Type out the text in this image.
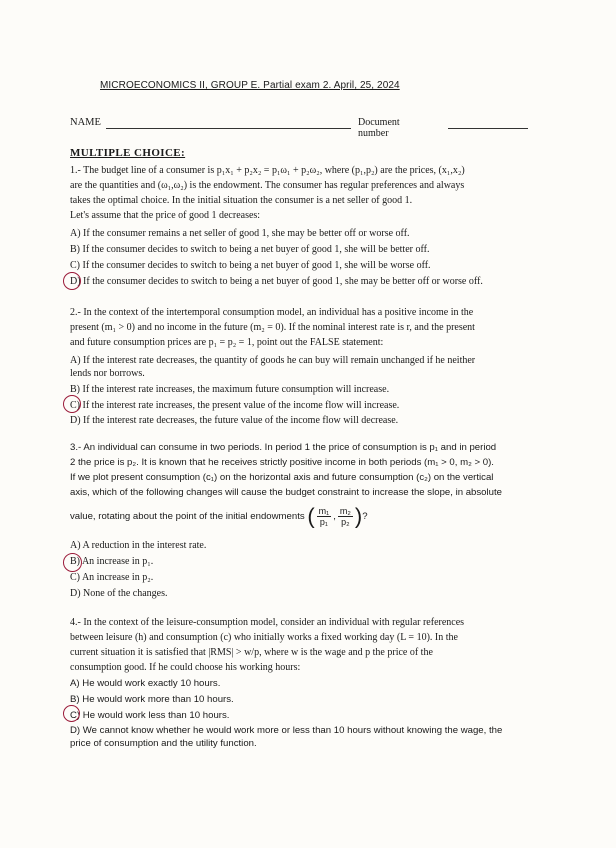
MICROECONOMICS II, GROUP E. Partial exam 2. April, 25, 2024
NAME	Document number
MULTIPLE CHOICE:

1.- The budget line of a consumer is p₁x₁ + p₂x₂ = p₁ω₁ + p₂ω₂, where (p₁,p₂) are the prices, (x₁,x₂)

are the quantities and (ω₁,ω₂) is the endowment. The consumer has regular preferences and always

takes the optimal choice. In the initial situation the consumer is a net seller of good 1.

Let's assume that the price of good 1 decreases:

A) If the consumer remains a net seller of good 1, she may be better off or worse off.
B) If the consumer decides to switch to being a net buyer of good 1, she will be better off.
C) If the consumer decides to switch to being a net buyer of good 1, she will be worse off.
D) If the consumer decides to switch to being a net buyer of good 1, she may be better off or worse off.

2.- In the context of the intertemporal consumption model, an individual has a positive income in the

present (m₁ > 0) and no income in the future (m₂ = 0). If the nominal interest rate is r, and the present

and future consumption prices are p₁ = p₂ = 1, point out the FALSE statement:

A) If the interest rate decreases, the quantity of goods he can buy will remain unchanged if he neither
lends nor borrows.
B) If the interest rate increases, the maximum future consumption will increase.
C) If the interest rate increases, the present value of the income flow will increase.
D) If the interest rate decreases, the future value of the income flow will decrease.

3.- An individual can consume in two periods. In period 1 the price of consumption is p₁ and in period

2 the price is p₂. It is known that he receives strictly positive income in both periods (m₁ > 0, m₂ > 0).

If we plot present consumption (c₁) on the horizontal axis and future consumption (c₂) on the vertical

axis, which of the following changes will cause the budget constraint to increase the slope, in absolute

value, rotating about the point of the initial endowments ( $\frac{\text{m₁}}{\text{p₁}}$ , $\frac{\text{m₂}}{\text{p₂}}$ )?
A) A reduction in the interest rate.
B) An increase in p₁.
C) An increase in p₂.
D) None of the changes.

4.- In the context of the leisure-consumption model, consider an individual with regular references

between leisure (h) and consumption (c) who initially works a fixed working day (L = 10). In the

current situation it is satisfied that |RMS| > w/p, where w is the wage and p the price of the

consumption good. If he could choose his working hours:

A) He would work exactly 10 hours.
B) He would work more than 10 hours.
C) He would work less than 10 hours.
D) We cannot know whether he would work more or less than 10 hours without knowing the wage, the
price of consumption and the utility function.
